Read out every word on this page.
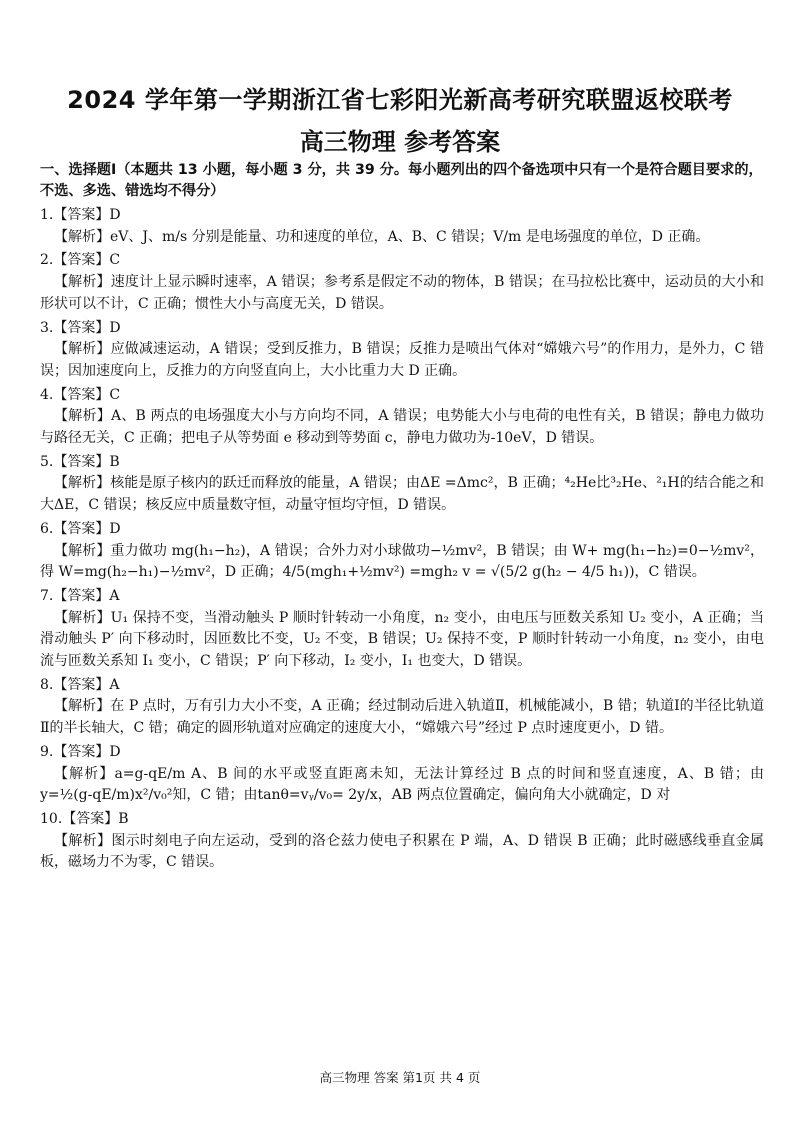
2024 学年第一学期浙江省七彩阳光新高考研究联盟返校联考
高三物理 参考答案
一、选择题Ⅰ（本题共 13 小题，每小题 3 分，共 39 分。每小题列出的四个备选项中只有一个是符合题目要求的，不选、多选、错选均不得分）

1.【答案】D

【解析】eV、J、m/s 分别是能量、功和速度的单位，A、B、C 错误；V/m 是电场强度的单位，D 正确。

2.【答案】C

【解析】速度计上显示瞬时速率，A 错误；参考系是假定不动的物体，B 错误；在马拉松比赛中，运动员的大小和形状可以不计，C 正确；惯性大小与高度无关，D 错误。

3.【答案】D

【解析】应做减速运动，A 错误；受到反推力，B 错误；反推力是喷出气体对“嫦娥六号”的作用力，是外力，C 错误；因加速度向上，反推力的方向竖直向上，大小比重力大 D 正确。

4.【答案】C

【解析】A、B 两点的电场强度大小与方向均不同，A 错误；电势能大小与电荷的电性有关，B 错误；静电力做功与路径无关，C 正确；把电子从等势面 e 移动到等势面 c，静电力做功为-10eV，D 错误。

5.【答案】B

【解析】核能是原子核内的跃迁而释放的能量，A 错误；由ΔE =Δmc²，B 正确；⁴₂He比³₂He、²₁H的结合能之和大ΔE，C 错误；核反应中质量数守恒，动量守恒均守恒，D 错误。

6.【答案】D

【解析】重力做功 mg(h₁−h₂)，A 错误；合外力对小球做功−½mv²，B 错误；由 W+ mg(h₁−h₂)=0−½mv²，得 W=mg(h₂−h₁)−½mv²，D 正确；4/5(mgh₁+½mv²) =mgh₂ v = √(5/2 g(h₂ − 4/5 h₁))，C 错误。

7.【答案】A

【解析】U₁ 保持不变，当滑动触头 P 顺时针转动一小角度，n₂ 变小，由电压与匝数关系知 U₂ 变小，A 正确；当滑动触头 P′ 向下移动时，因匝数比不变，U₂ 不变，B 错误；U₂ 保持不变，P 顺时针转动一小角度，n₂ 变小，由电流与匝数关系知 I₁ 变小，C 错误；P′ 向下移动，I₂ 变小，I₁ 也变大，D 错误。

8.【答案】A

【解析】在 P 点时，万有引力大小不变，A 正确；经过制动后进入轨道Ⅱ，机械能减小，B 错；轨道Ⅰ的半径比轨道Ⅱ的半长轴大，C 错；确定的圆形轨道对应确定的速度大小，“嫦娥六号”经过 P 点时速度更小，D 错。

9.【答案】D

【解析】a=g-qE/m A、B 间的水平或竖直距离未知，无法计算经过 B 点的时间和竖直速度，A、B 错；由y=½(g-qE/m)x²/v₀²知，C 错；由tanθ=vᵧ/v₀= 2y/x，AB 两点位置确定，偏向角大小就确定，D 对

10.【答案】B

【解析】图示时刻电子向左运动，受到的洛仑兹力使电子积累在 P 端，A、D 错误 B 正确；此时磁感线垂直金属板，磁场力不为零，C 错误。

高三物理 答案 第1页 共 4 页
